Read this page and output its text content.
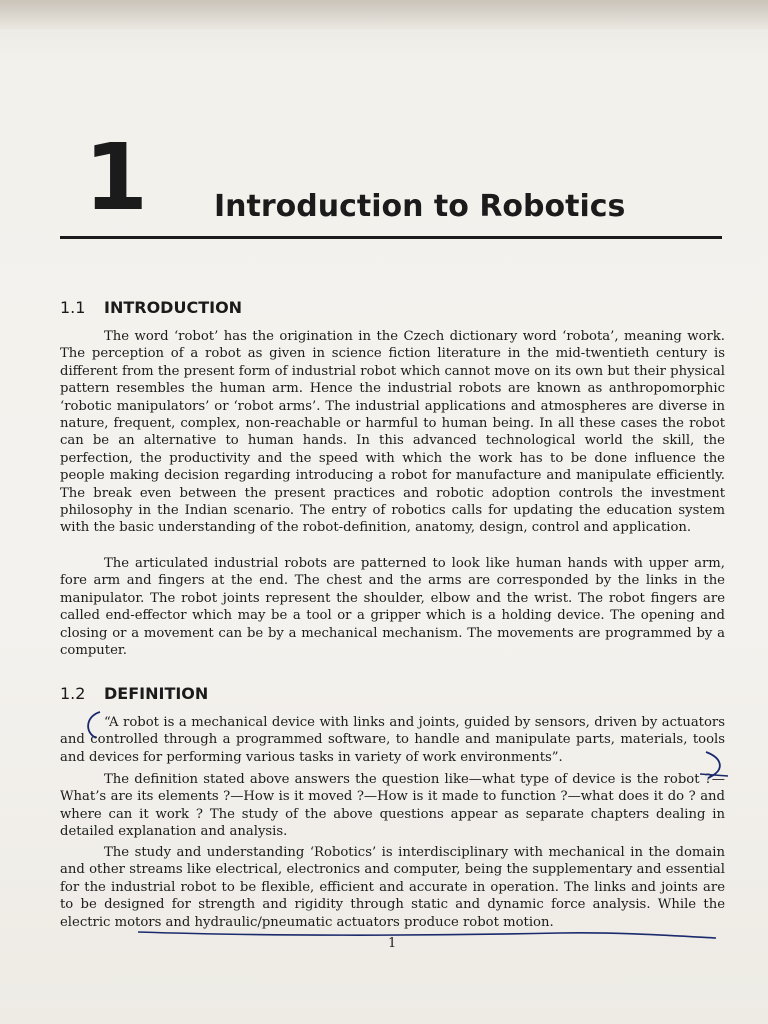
1 Introduction to Robotics
1.1 INTRODUCTION

The word ‘robot’ has the origination in the Czech dictionary word ‘robota’, meaning work. The perception of a robot as given in science fiction literature in the mid-twentieth century is different from the present form of industrial robot which cannot move on its own but their physical pattern resembles the human arm. Hence the industrial robots are known as anthropomorphic ‘robotic manipulators’ or ‘robot arms’. The industrial applications and atmospheres are diverse in nature, frequent, complex, non-reachable or harmful to human being. In all these cases the robot can be an alternative to human hands. In this advanced technological world the skill, the perfection, the productivity and the speed with which the work has to be done influence the people making decision regarding introducing a robot for manufacture and manipulate efficiently. The break even between the present practices and robotic adoption controls the investment philosophy in the Indian scenario. The entry of robotics calls for updating the education system with the basic understanding of the robot-definition, anatomy, design, control and application.

The articulated industrial robots are patterned to look like human hands with upper arm, fore arm and fingers at the end. The chest and the arms are corresponded by the links in the manipulator. The robot joints represent the shoulder, elbow and the wrist. The robot fingers are called end-effector which may be a tool or a gripper which is a holding device. The opening and closing or a movement can be by a mechanical mechanism. The movements are programmed by a computer.

1.2 DEFINITION

“A robot is a mechanical device with links and joints, guided by sensors, driven by actuators and controlled through a programmed software, to handle and manipulate parts, materials, tools and devices for performing various tasks in variety of work environments”.

The definition stated above answers the question like—what type of device is the robot ?—What’s are its elements ?—How is it moved ?—How is it made to function ?—what does it do ? and where can it work ? The study of the above questions appear as separate chapters dealing in detailed explanation and analysis.

The study and understanding ‘Robotics’ is interdisciplinary with mechanical in the domain and other streams like electrical, electronics and computer, being the supplementary and essential for the industrial robot to be flexible, efficient and accurate in operation. The links and joints are to be designed for strength and rigidity through static and dynamic force analysis. While the electric motors and hydraulic/pneumatic actuators produce robot motion.

1
